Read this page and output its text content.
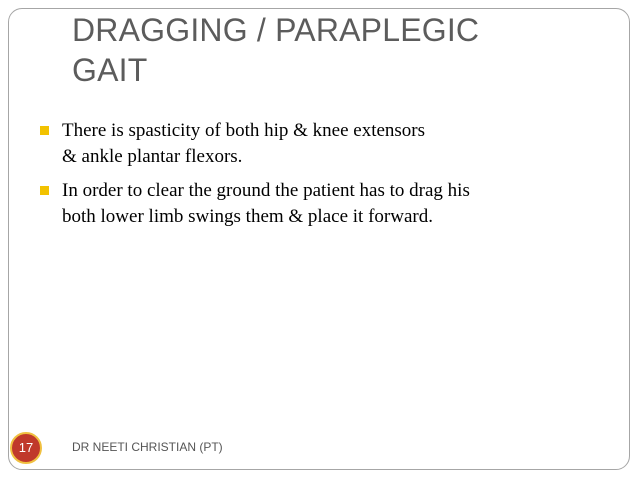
DRAGGING / PARAPLEGIC
GAIT
There is spasticity of both hip & knee extensors
& ankle plantar flexors.
In order to clear the ground the patient has to drag his
both lower limb swings them & place it forward.
17	DR NEETI CHRISTIAN (PT)
